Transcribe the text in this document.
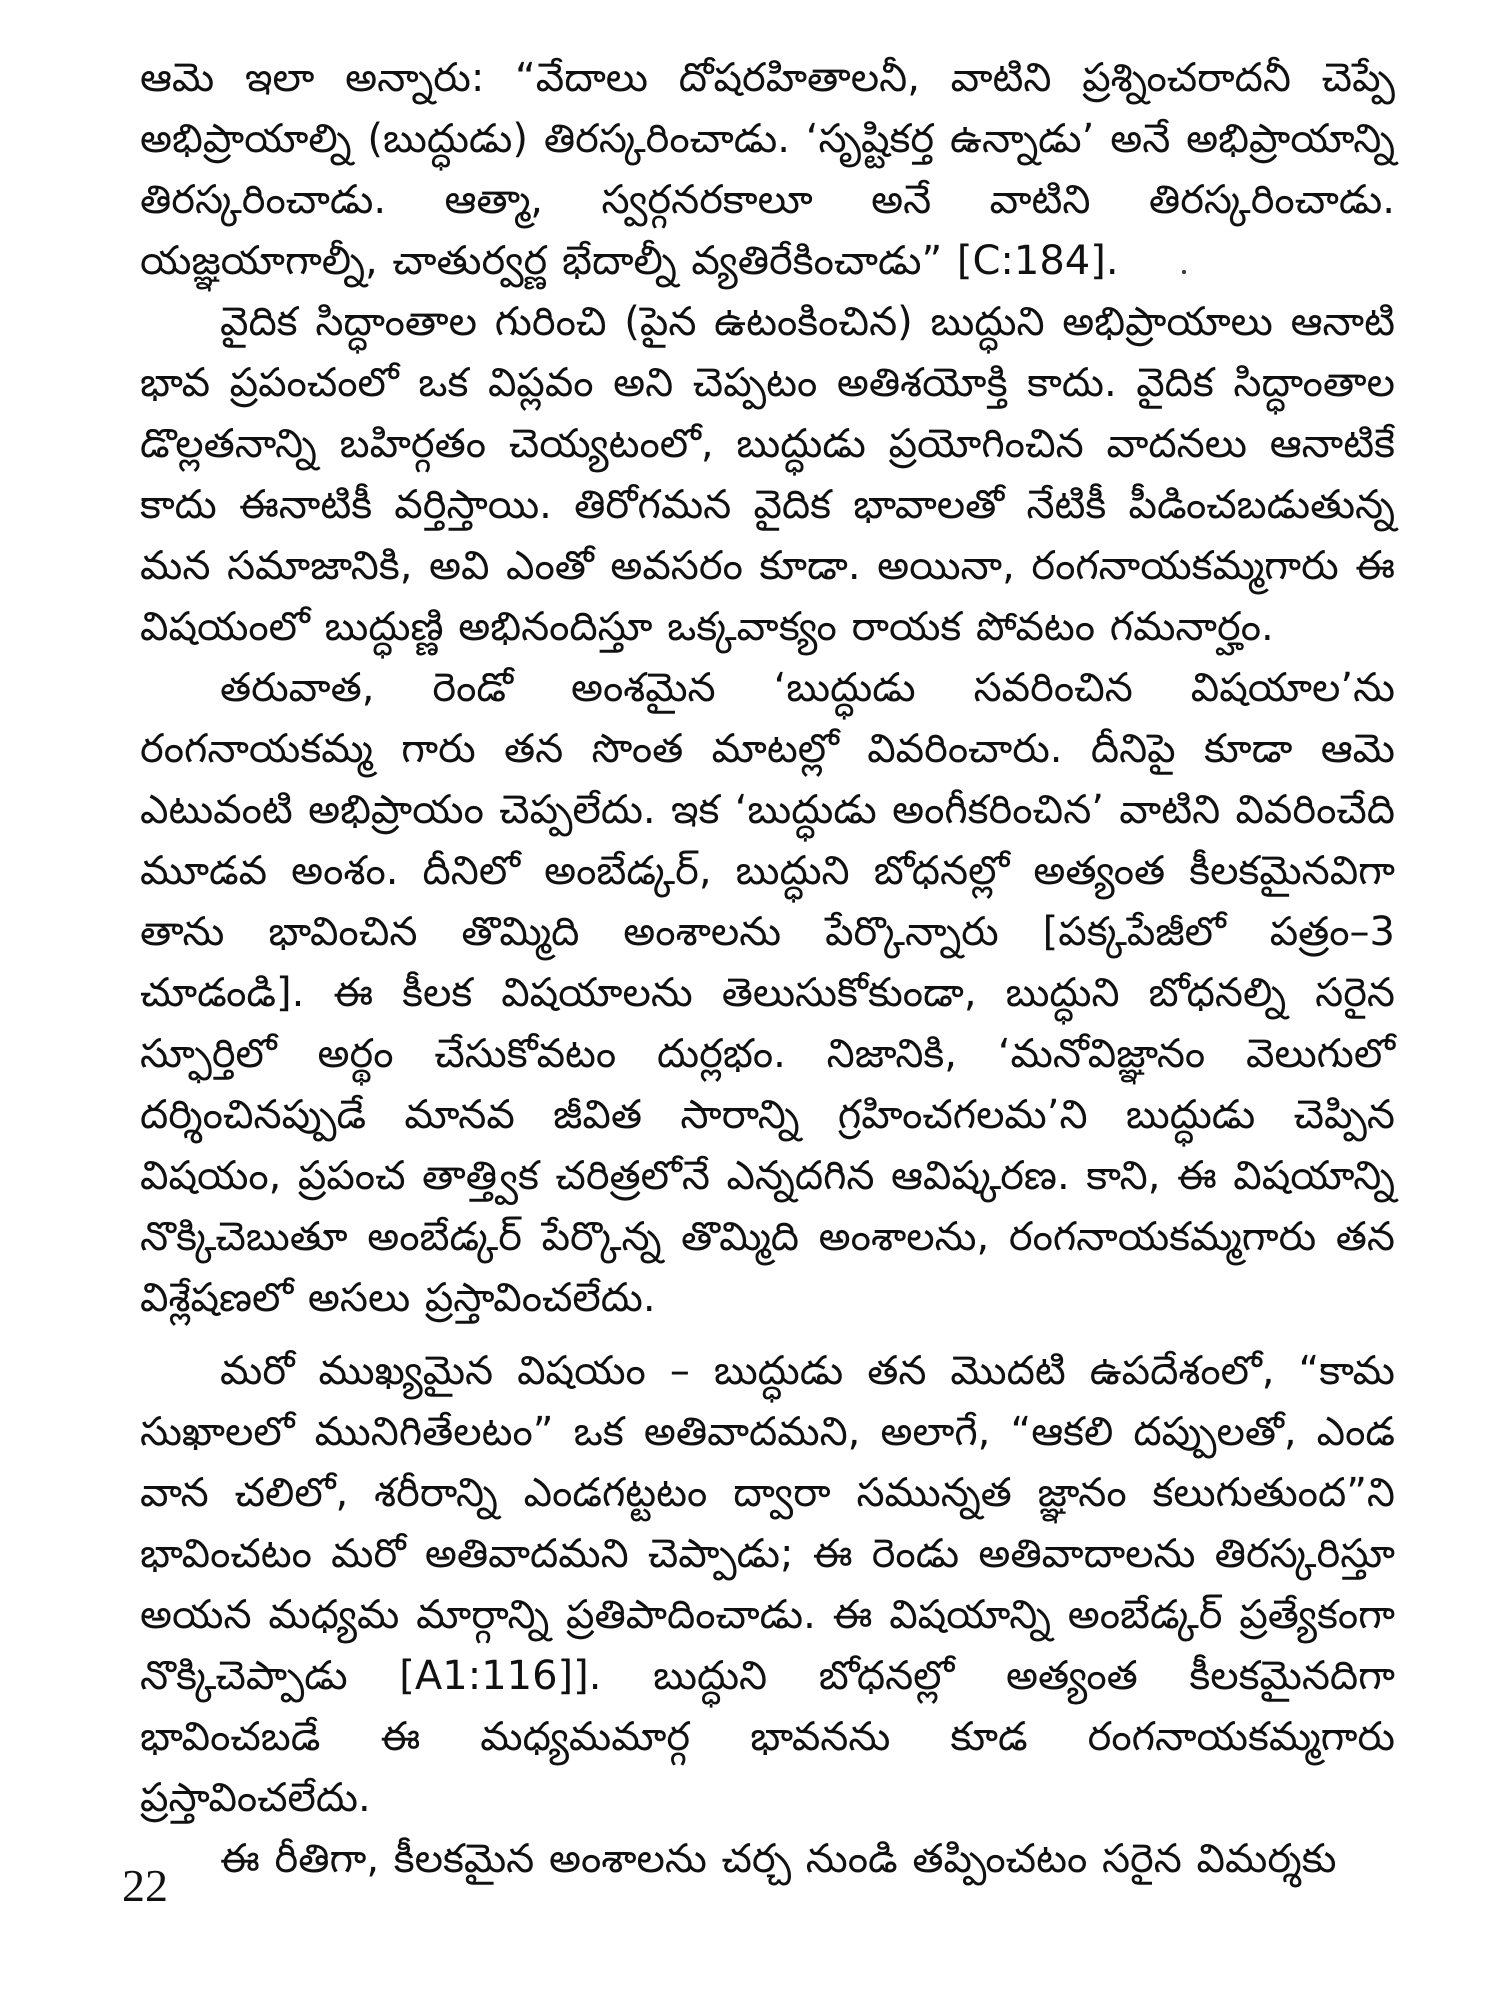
ఆమె ఇలా అన్నారు: “వేదాలు దోషరహితాలనీ, వాటిని ప్రశ్నించరాదనీ చెప్పే అభిప్రాయాల్ని (బుద్ధుడు) తిరస్కరించాడు. ‘సృష్టికర్త ఉన్నాడు’ అనే అభిప్రాయాన్ని తిరస్కరించాడు. ఆత్మా, స్వర్గనరకాలూ అనే వాటిని తిరస్కరించాడు. యజ్ఞయాగాల్నీ, చాతుర్వర్ణ భేదాల్నీ వ్యతిరేకించాడు” [C:184].

వైదిక సిద్ధాంతాల గురించి (పైన ఉటంకించిన) బుద్ధుని అభిప్రాయాలు ఆనాటి భావ ప్రపంచంలో ఒక విప్లవం అని చెప్పటం అతిశయోక్తి కాదు. వైదిక సిద్ధాంతాల డొల్లతనాన్ని బహిర్గతం చెయ్యటంలో, బుద్ధుడు ప్రయోగించిన వాదనలు ఆనాటికే కాదు ఈనాటికీ వర్తిస్తాయి. తిరోగమన వైదిక భావాలతో నేటికీ పీడించబడుతున్న మన సమాజానికి, అవి ఎంతో అవసరం కూడా. అయినా, రంగనాయకమ్మగారు ఈ విషయంలో బుద్ధుణ్ణి అభినందిస్తూ ఒక్కవాక్యం రాయక పోవటం గమనార్హం.

తరువాత, రెండో అంశమైన ‘బుద్ధుడు సవరించిన విషయాల’ను రంగనాయకమ్మ గారు తన సొంత మాటల్లో వివరించారు. దీనిపై కూడా ఆమె ఎటువంటి అభిప్రాయం చెప్పలేదు. ఇక ‘బుద్ధుడు అంగీకరించిన’ వాటిని వివరించేది మూడవ అంశం. దీనిలో అంబేడ్కర్, బుద్ధుని బోధనల్లో అత్యంత కీలకమైనవిగా తాను భావించిన తొమ్మిది అంశాలను పేర్కొన్నారు [పక్కపేజీలో పత్రం–3 చూడండి]. ఈ కీలక విషయాలను తెలుసుకోకుండా, బుద్ధుని బోధనల్ని సరైన స్ఫూర్తిలో అర్థం చేసుకోవటం దుర్లభం. నిజానికి, ‘మనోవిజ్ఞానం వెలుగులో దర్శించినప్పుడే మానవ జీవిత సారాన్ని గ్రహించగలమ’ని బుద్ధుడు చెప్పిన విషయం, ప్రపంచ తాత్త్విక చరిత్రలోనే ఎన్నదగిన ఆవిష్కరణ. కాని, ఈ విషయాన్ని నొక్కిచెబుతూ అంబేడ్కర్ పేర్కొన్న తొమ్మిది అంశాలను, రంగనాయకమ్మగారు తన విశ్లేషణలో అసలు ప్రస్తావించలేదు.

మరో ముఖ్యమైన విషయం – బుద్ధుడు తన మొదటి ఉపదేశంలో, “కామ సుఖాలలో మునిగితేలటం” ఒక అతివాదమని, అలాగే, “ఆకలి దప్పులతో, ఎండ వాన చలిలో, శరీరాన్ని ఎండగట్టటం ద్వారా సమున్నత జ్ఞానం కలుగుతుంద”ని భావించటం మరో అతివాదమని చెప్పాడు; ఈ రెండు అతివాదాలను తిరస్కరిస్తూ అయన మధ్యమ మార్గాన్ని ప్రతిపాదించాడు. ఈ విషయాన్ని అంబేడ్కర్ ప్రత్యేకంగా నొక్కిచెప్పాడు [A1:116]]. బుద్ధుని బోధనల్లో అత్యంత కీలకమైనదిగా భావించబడే ఈ మధ్యమమార్గ భావనను కూడ రంగనాయకమ్మగారు ప్రస్తావించలేదు.

ఈ రీతిగా, కీలకమైన అంశాలను చర్చ నుండి తప్పించటం సరైన విమర్శకు

22
